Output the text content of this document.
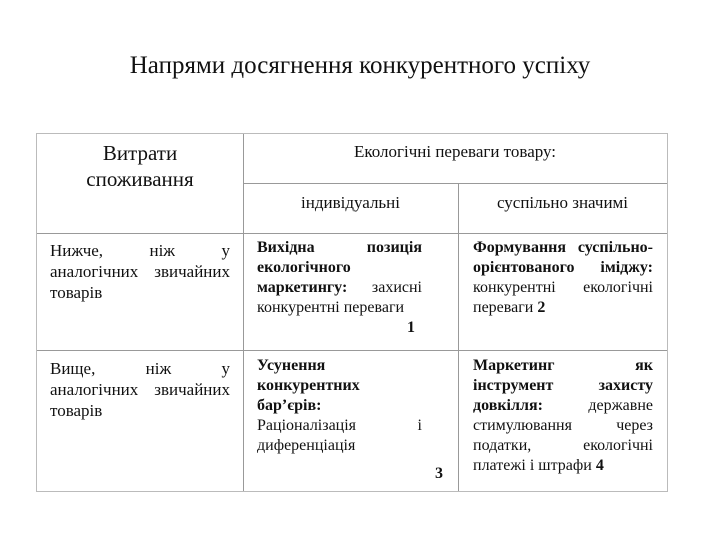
Напрями досягнення конкурентного успіху
Витрати споживання
Екологічні переваги товару:
індивідуальні	суспільно значимі
Нижче, ніж у аналогічних звичайних товарів
Вище, ніж у аналогічних звичайних товарів
Вихідна позиція екологічного маркетингу: захисні конкурентні переваги
1
Формування суспільно-орієнтованого іміджу: конкурентні екологічні переваги 2
Усунення конкурентних бар’єрів: Раціоналізація і диференціація
3
Маркетинг як інструмент захисту довкілля:	державне стимулювання через податки, екологічні платежі і штрафи 4
